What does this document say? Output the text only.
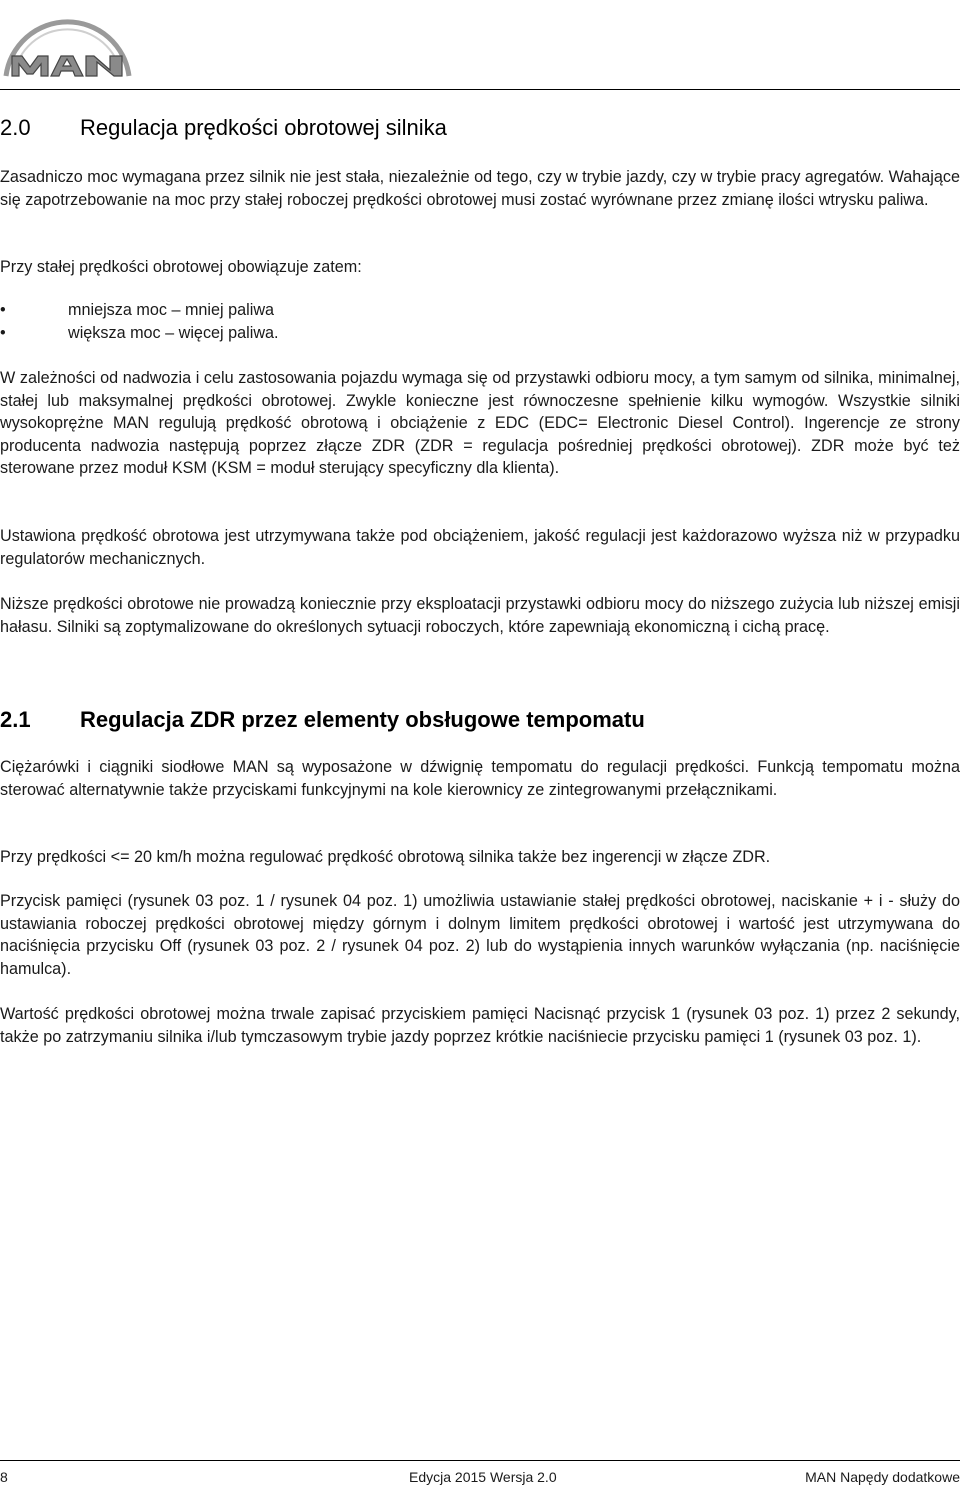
2.0	Regulacja prędkości obrotowej silnika

Zasadniczo moc wymagana przez silnik nie jest stała, niezależnie od tego, czy w trybie jazdy, czy w trybie pracy agregatów. Wahające się zapotrzebowanie na moc przy stałej roboczej prędkości obrotowej musi zostać wyrównane przez zmianę ilości wtrysku paliwa.

Przy stałej prędkości obrotowej obowiązuje zatem:

•	mniejsza moc – mniej paliwa
•	większa moc – więcej paliwa.

W zależności od nadwozia i celu zastosowania pojazdu wymaga się od przystawki odbioru mocy, a tym samym od silnika, minimalnej, stałej lub maksymalnej prędkości obrotowej. Zwykle konieczne jest równoczesne spełnienie kilku wymogów. Wszystkie silniki wysokoprężne MAN regulują prędkość obrotową i obciążenie z EDC (EDC= Electronic Diesel Control). Ingerencje ze strony producenta nadwozia następują poprzez złącze ZDR (ZDR = regulacja pośredniej prędkości obrotowej). ZDR może być też sterowane przez moduł KSM (KSM = moduł sterujący specyficzny dla klienta).

Ustawiona prędkość obrotowa jest utrzymywana także pod obciążeniem, jakość regulacji jest każdorazowo wyższa niż w przypadku regulatorów mechanicznych.

Niższe prędkości obrotowe nie prowadzą koniecznie przy eksploatacji przystawki odbioru mocy do niższego zużycia lub niższej emisji hałasu. Silniki są zoptymalizowane do określonych sytuacji roboczych, które zapewniają ekonomiczną i cichą pracę.

2.1	Regulacja ZDR przez elementy obsługowe tempomatu

Ciężarówki i ciągniki siodłowe MAN są wyposażone w dźwignię tempomatu do regulacji prędkości. Funkcją tempomatu można sterować alternatywnie także przyciskami funkcyjnymi na kole kierownicy ze zintegrowanymi przełącznikami.

Przy prędkości <= 20 km/h można regulować prędkość obrotową silnika także bez ingerencji w złącze ZDR.

Przycisk pamięci (rysunek 03 poz. 1 / rysunek 04 poz. 1) umożliwia ustawianie stałej prędkości obrotowej, naciskanie + i - służy do ustawiania roboczej prędkości obrotowej między górnym i dolnym limitem prędkości obrotowej i wartość jest utrzymywana do naciśnięcia przycisku Off (rysunek 03 poz. 2 / rysunek 04 poz. 2) lub do wystąpienia innych warunków wyłączania (np. naciśnięcie hamulca).

Wartość prędkości obrotowej można trwale zapisać przyciskiem pamięci Nacisnąć przycisk 1 (rysunek 03 poz. 1) przez 2 sekundy, także po zatrzymaniu silnika i/lub tymczasowym trybie jazdy poprzez krótkie naciśniecie przycisku pamięci 1 (rysunek 03 poz. 1).

8	Edycja 2015 Wersja 2.0	MAN Napędy dodatkowe
